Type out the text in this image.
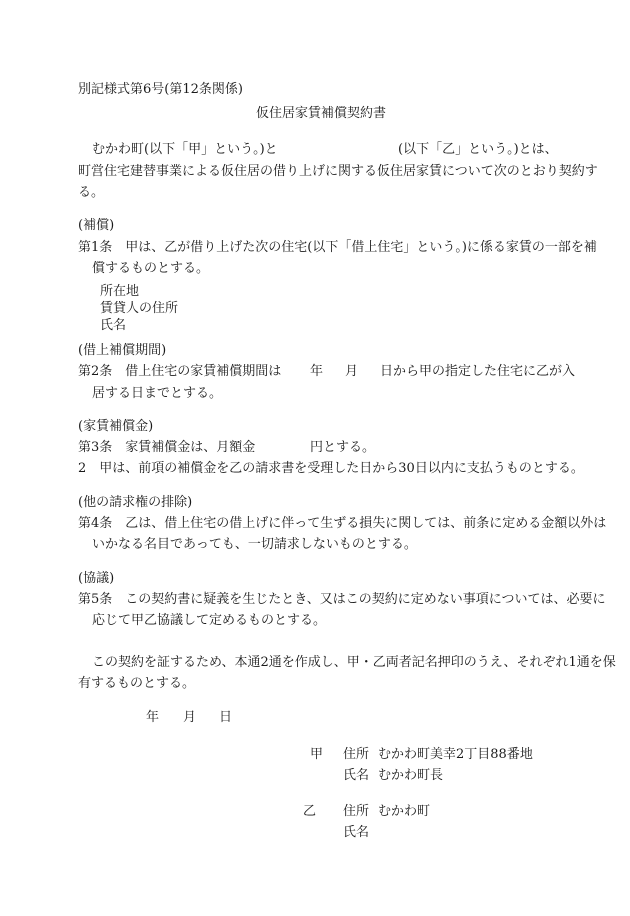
別記様式第6号(第12条関係)
仮住居家賃補償契約書
むかわ町(以下「甲」という。)と	(以下「乙」という。)とは、
町営住宅建替事業による仮住居の借り上げに関する仮住居家賃について次のとおり契約す
る。
(補償)
第1条　甲は、乙が借り上げた次の住宅(以下「借上住宅」という。)に係る家賃の一部を補
償するものとする。
所在地
賃貸人の住所
氏名
(借上補償期間)
第2条　借上住宅の家賃補償期間は 年 月 日から甲の指定した住宅に乙が入
居する日までとする。
(家賃補償金)
第3条　家賃補償金は、月額金	円とする。
2　甲は、前項の補償金を乙の請求書を受理した日から30日以内に支払うものとする。
(他の請求権の排除)
第4条　乙は、借上住宅の借上げに伴って生ずる損失に関しては、前条に定める金額以外は
いかなる名目であっても、一切請求しないものとする。
(協議)
第5条　この契約書に疑義を生じたとき、又はこの契約に定めない事項については、必要に
応じて甲乙協議して定めるものとする。
この契約を証するため、本通2通を作成し、甲・乙両者記名押印のうえ、それぞれ1通を保
有するものとする。
年 月 日
甲 住所 むかわ町美幸2丁目88番地
氏名 むかわ町長
乙 住所 むかわ町
氏名
